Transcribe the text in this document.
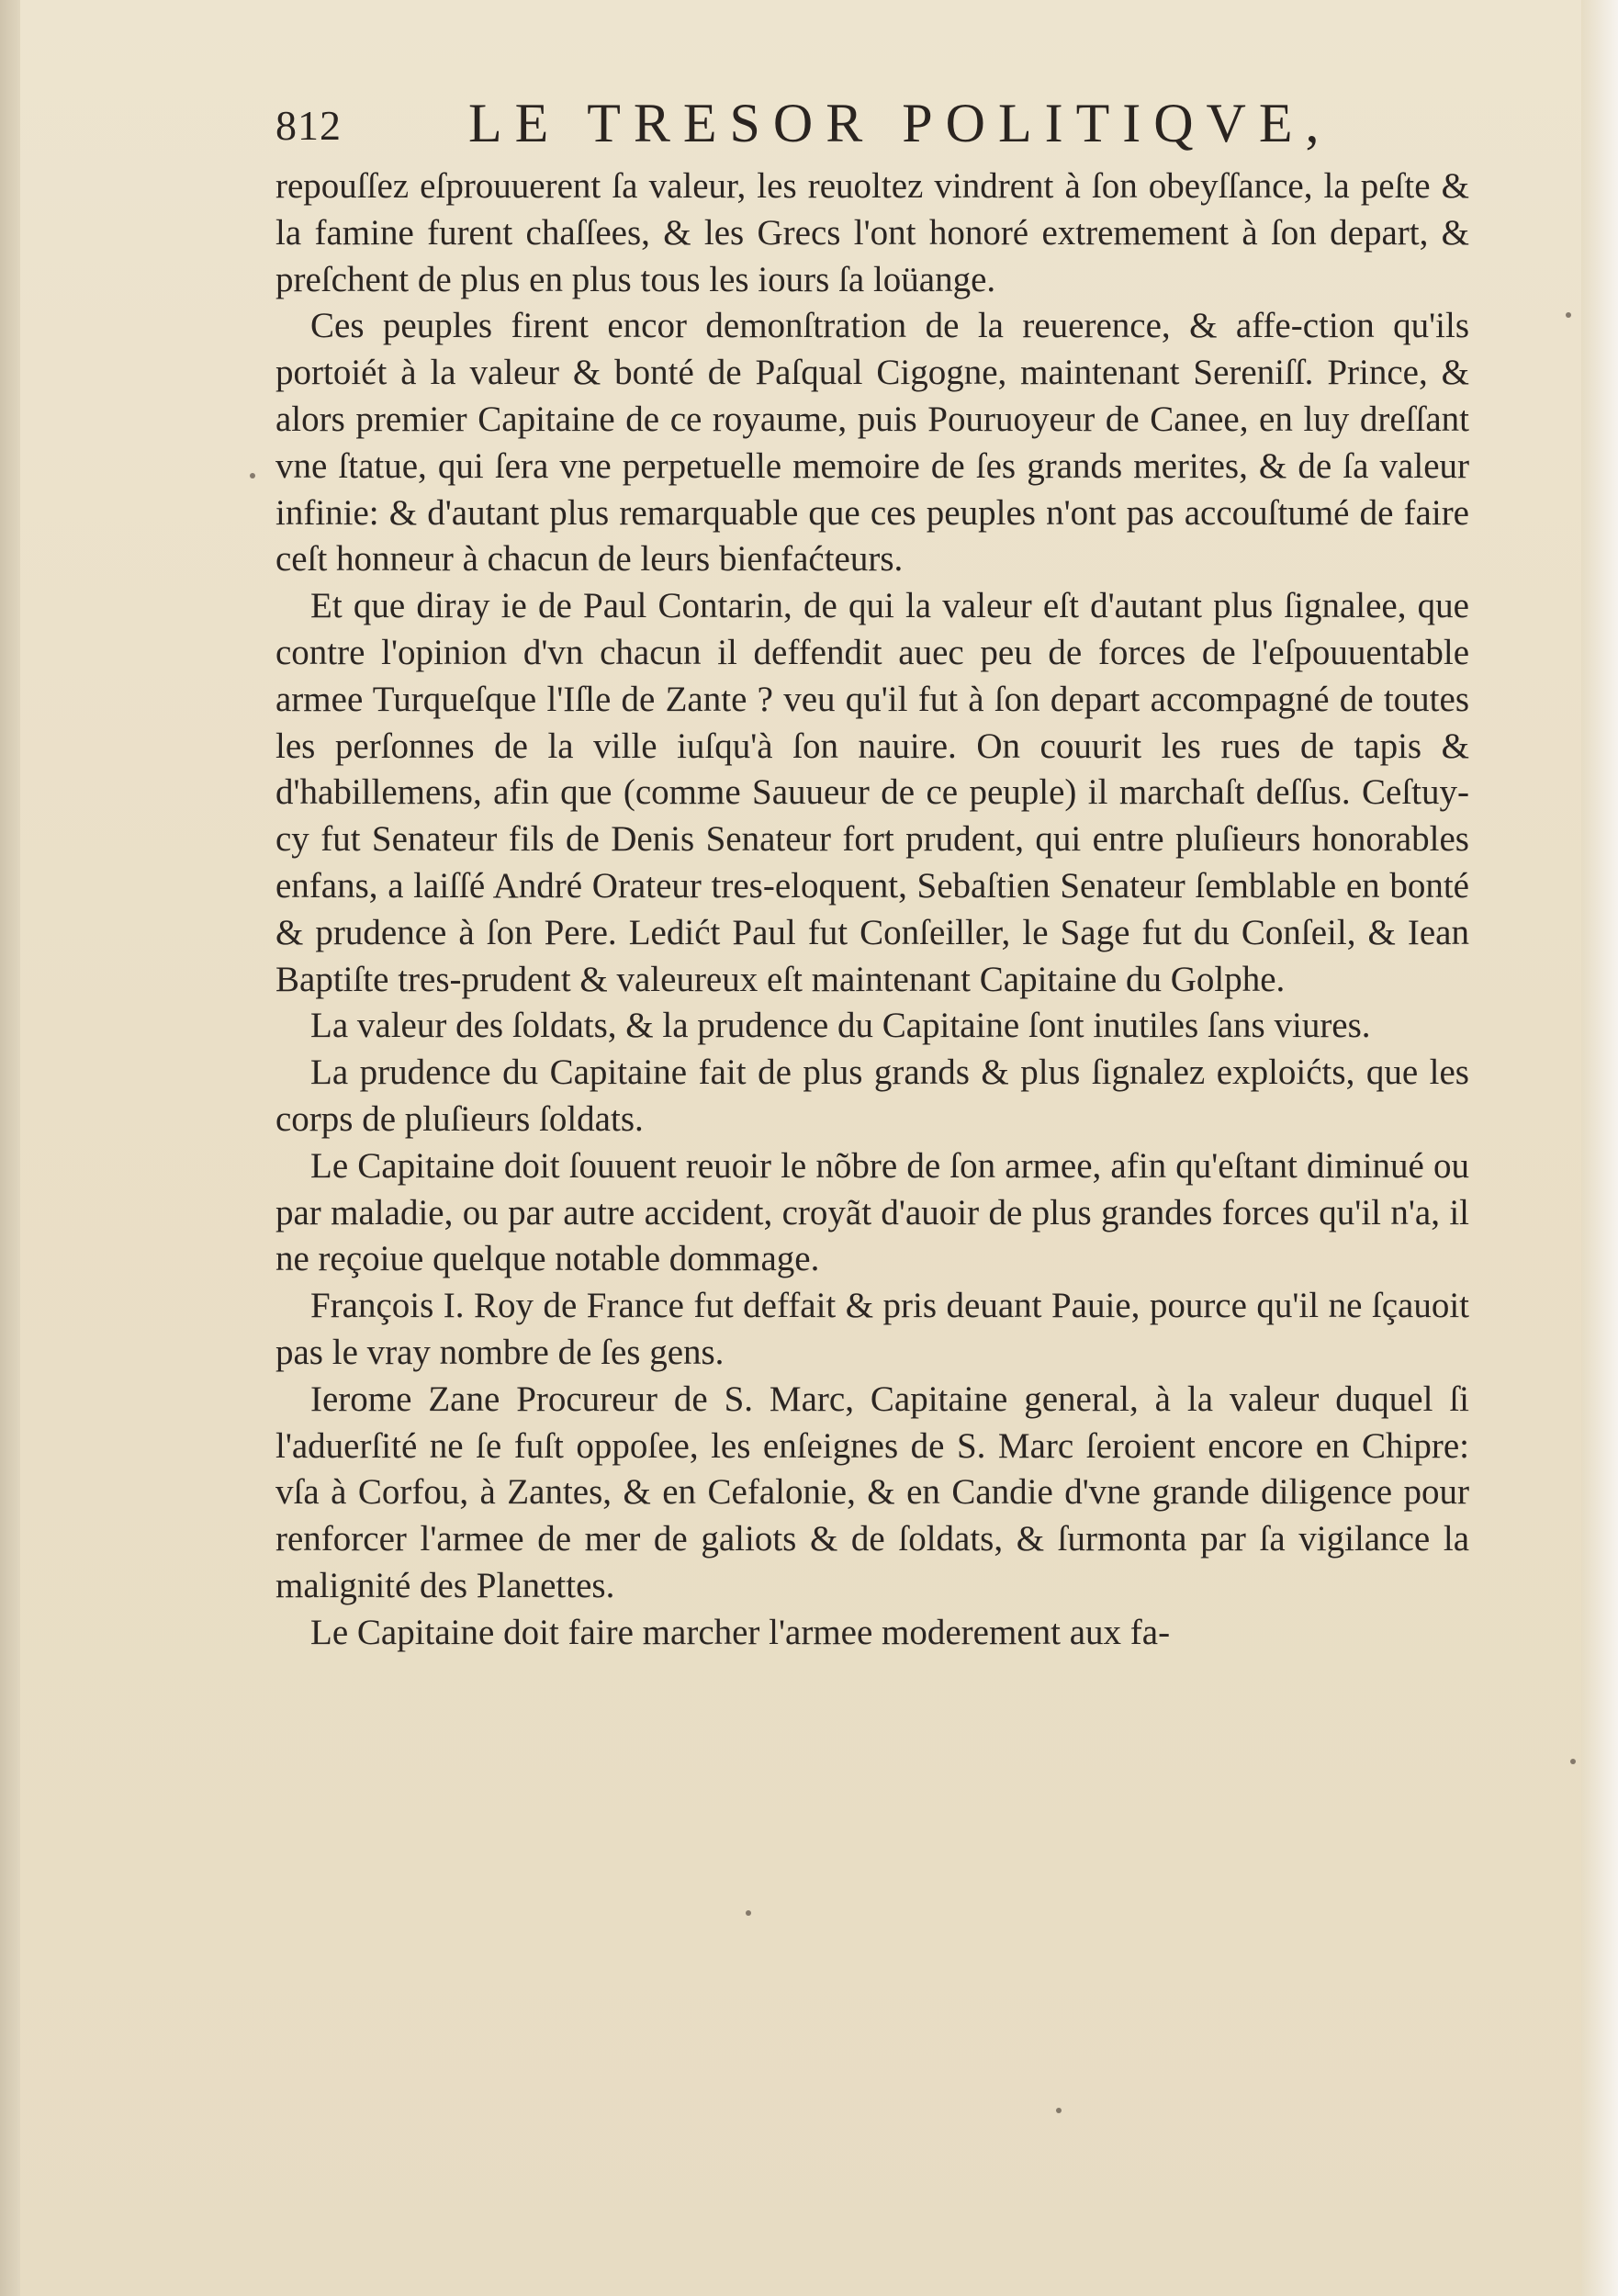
812 LE TRESOR POLITIQVE,

repouſſez eſprouuerent ſa valeur, les reuoltez vindrent à ſon obeyſſance, la peſte & la famine furent chaſſees, & les Grecs l'ont honoré extremement à ſon depart, & preſchent de plus en plus tous les iours ſa loüange.

Ces peuples firent encor demonſtration de la reuerence, & affe-ction qu'ils portoiét à la valeur & bonté de Paſqual Cigogne, maintenant Sereniſſ. Prince, & alors premier Capitaine de ce royaume, puis Pouruoyeur de Canee, en luy dreſſant vne ſtatue, qui ſera vne perpetuelle memoire de ſes grands merites, & de ſa valeur infinie: & d'autant plus remarquable que ces peuples n'ont pas accouſtumé de faire ceſt honneur à chacun de leurs bienfaćteurs.

Et que diray ie de Paul Contarin, de qui la valeur eſt d'autant plus ſignalee, que contre l'opinion d'vn chacun il deffendit auec peu de forces de l'eſpouuentable armee Turqueſque l'Iſle de Zante ? veu qu'il fut à ſon depart accompagné de toutes les perſonnes de la ville iuſqu'à ſon nauire. On couurit les rues de tapis & d'habillemens, afin que (comme Sauueur de ce peuple) il marchaſt deſſus. Ceſtuy-cy fut Senateur fils de Denis Senateur fort prudent, qui entre pluſieurs honorables enfans, a laiſſé André Orateur tres-eloquent, Sebaſtien Senateur ſemblable en bonté & prudence à ſon Pere. Ledićt Paul fut Conſeiller, le Sage fut du Conſeil, & Iean Baptiſte tres-prudent & valeureux eſt maintenant Capitaine du Golphe.

La valeur des ſoldats, & la prudence du Capitaine ſont inutiles ſans viures.

La prudence du Capitaine fait de plus grands & plus ſignalez exploićts, que les corps de pluſieurs ſoldats.

Le Capitaine doit ſouuent reuoir le nõbre de ſon armee, afin qu'eſtant diminué ou par maladie, ou par autre accident, croyãt d'auoir de plus grandes forces qu'il n'a, il ne reçoiue quelque notable dommage.

François I. Roy de France fut deffait & pris deuant Pauie, pource qu'il ne ſçauoit pas le vray nombre de ſes gens.

Ierome Zane Procureur de S. Marc, Capitaine general, à la valeur duquel ſi l'aduerſité ne ſe fuſt oppoſee, les enſeignes de S. Marc ſeroient encore en Chipre: vſa à Corfou, à Zantes, & en Cefalonie, & en Candie d'vne grande diligence pour renforcer l'armee de mer de galiots & de ſoldats, & ſurmonta par ſa vigilance la malignité des Planettes.

Le Capitaine doit faire marcher l'armee moderement aux fa-
